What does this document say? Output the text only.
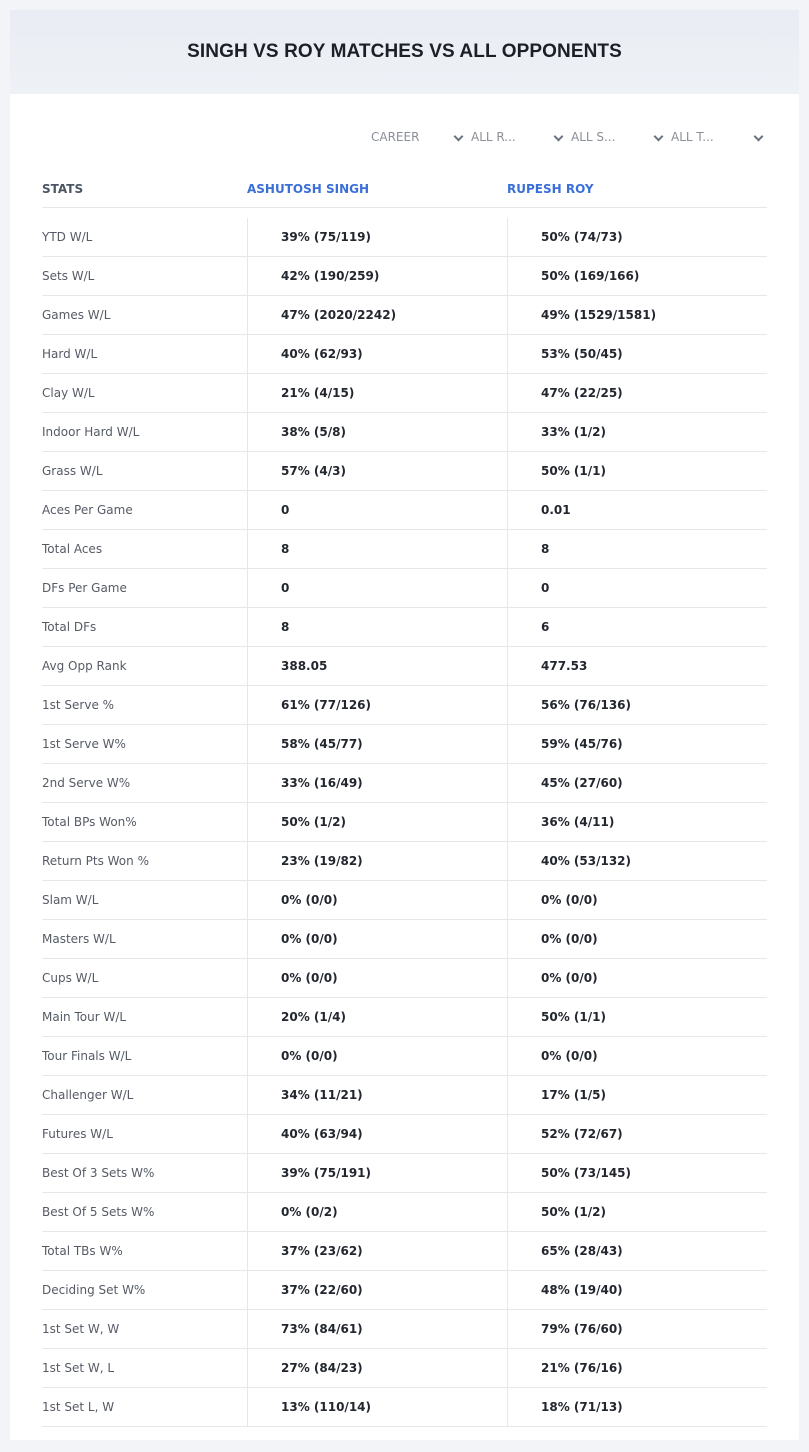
SINGH VS ROY MATCHES VS ALL OPPONENTS
CAREER	ALL R...	ALL S...	ALL T...
STATS	ASHUTOSH SINGH	RUPESH ROY
YTD W/L	39% (75/119)	50% (74/73)
Sets W/L	42% (190/259)	50% (169/166)
Games W/L	47% (2020/2242)	49% (1529/1581)
Hard W/L	40% (62/93)	53% (50/45)
Clay W/L	21% (4/15)	47% (22/25)
Indoor Hard W/L	38% (5/8)	33% (1/2)
Grass W/L	57% (4/3)	50% (1/1)
Aces Per Game	0	0.01
Total Aces	8	8
DFs Per Game	0	0
Total DFs	8	6
Avg Opp Rank	388.05	477.53
1st Serve %	61% (77/126)	56% (76/136)
1st Serve W%	58% (45/77)	59% (45/76)
2nd Serve W%	33% (16/49)	45% (27/60)
Total BPs Won%	50% (1/2)	36% (4/11)
Return Pts Won %	23% (19/82)	40% (53/132)
Slam W/L	0% (0/0)	0% (0/0)
Masters W/L	0% (0/0)	0% (0/0)
Cups W/L	0% (0/0)	0% (0/0)
Main Tour W/L	20% (1/4)	50% (1/1)
Tour Finals W/L	0% (0/0)	0% (0/0)
Challenger W/L	34% (11/21)	17% (1/5)
Futures W/L	40% (63/94)	52% (72/67)
Best Of 3 Sets W%	39% (75/191)	50% (73/145)
Best Of 5 Sets W%	0% (0/2)	50% (1/2)
Total TBs W%	37% (23/62)	65% (28/43)
Deciding Set W%	37% (22/60)	48% (19/40)
1st Set W, W	73% (84/61)	79% (76/60)
1st Set W, L	27% (84/23)	21% (76/16)
1st Set L, W	13% (110/14)	18% (71/13)
